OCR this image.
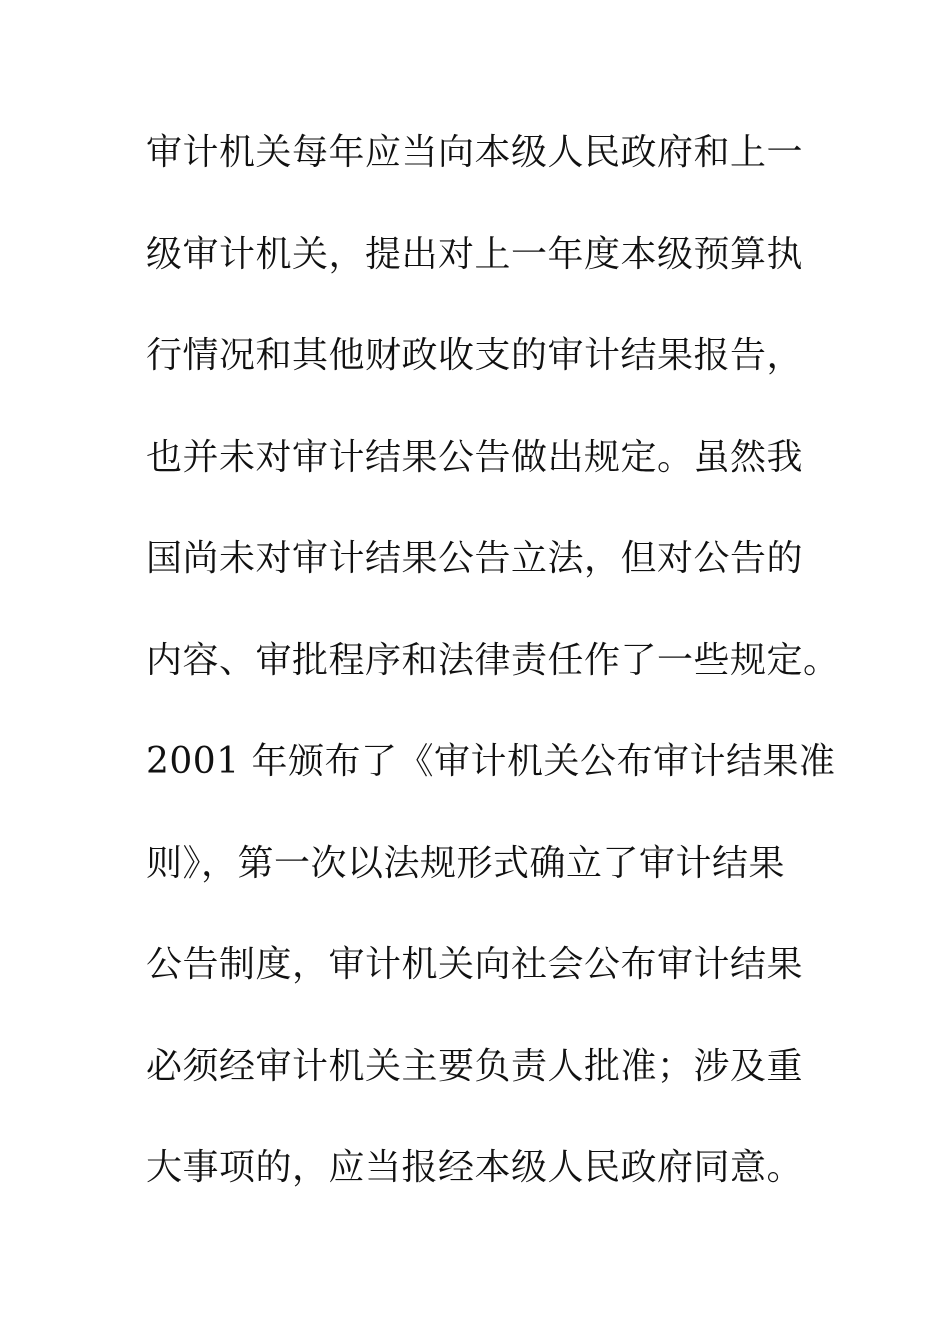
审计机关每年应当向本级人民政府和上一
级审计机关，提出对上一年度本级预算执
行情况和其他财政收支的审计结果报告，
也并未对审计结果公告做出规定。虽然我
国尚未对审计结果公告立法，但对公告的
内容、审批程序和法律责任作了一些规定。
2001 年颁布了《审计机关公布审计结果准
则》，第一次以法规形式确立了审计结果
公告制度，审计机关向社会公布审计结果
必须经审计机关主要负责人批准；涉及重
大事项的，应当报经本级人民政府同意。
